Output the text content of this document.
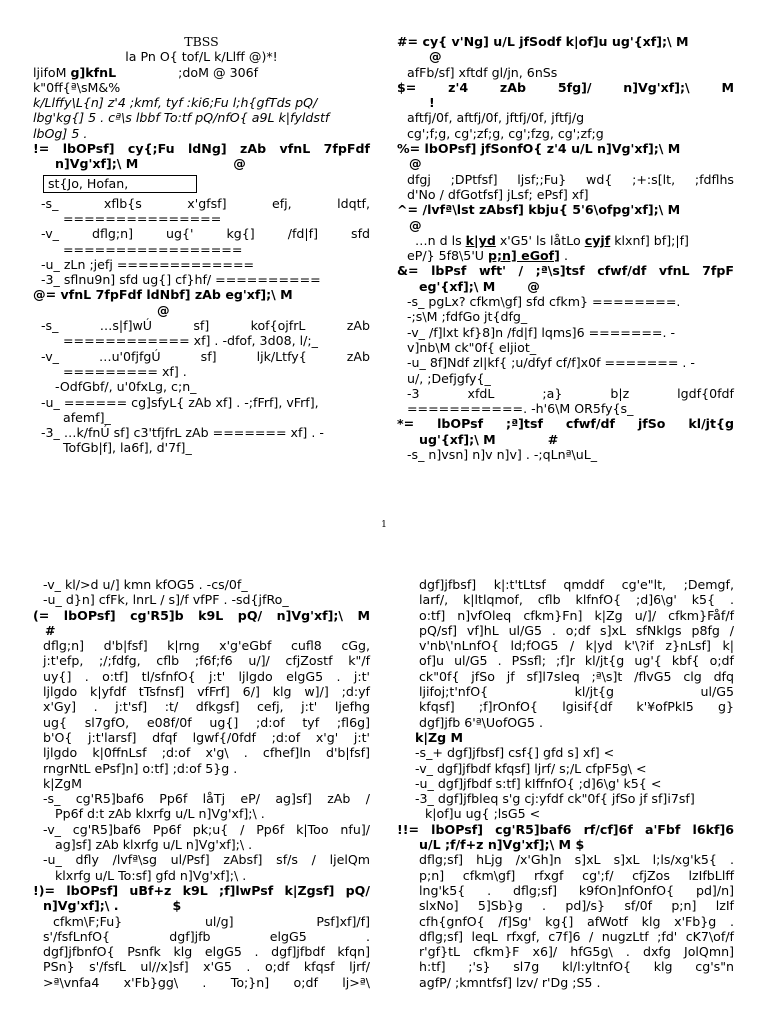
TBSS
la Pn O{ tof/L k/Llff @)*!
ljifoM g]kfnL	;doM @ 306f
k"0ff{ª\sM&%
k/Llffy\L{n] z'4 ;kmf, tyf :ki6;Fu l;h{gfTds pQ/
lbg'kg{] 5 . cª\s lbbf To:tf pQ/nfO{ a9L k|fyldstf
lbOg] 5 .
!= lbOPsf] cy{;Fu ldNg] zAb vfnL 7fpFdf
n]Vg'xf];\ M	@
st{Jo, Hofan,
-s_ xflb{s x'gfsf] efj, ldqtf,
===============
-v_ dflg;n] ug{' kg{] /fd|f] sfd
=================
-u_ zLn ;jefj =============
-3_ sflnu9n] sfd ug{] cf}hf/ ==========
@= vfnL 7fpFdf ldNbf] zAb eg'xf];\ M
@
-s_ …s|f]wÚ sf] kof{ojfrL zAb
============ xf] . -dfof, 3d08, l/;_
-v_ …u'0fjfgÚ sf] ljk/Ltfy{ zAb
========= xf] .
-OdfGbf/, u'0fxLg, c;n_
-u_ ====== cg]sfyL{ zAb xf] . -;fFrf], vFrf],
afemf]_
-3_ …k/fnÚ sf] c3'tfjfrL zAb ======= xf] . -
TofGb|f], la6f], d'7f]_
#= cy{ v'Ng] u/L jfSodf k|of]u ug'{xf];\ M
@
afFb/sf] xftdf gl/jn, 6nSs
$= z'4 zAb 5fg]/ n]Vg'xf];\ M
!
aftfj/0f, aftfj/0f, jftfj/0f, jftfj/g
cg';f;g, cg';zf;g, cg';fzg, cg';zf;g
%= lbOPsf] jfSonfO{ z'4 u/L n]Vg'xf];\ M
@
dfgj ;DPtfsf] ljsf;;Fu} wd{ ;+:s[lt, ;fdflhs
d'No / dfGotfsf] jLsf; ePsf] xf]
^= /lvfª\lst zAbsf] kbju{ 5'6\ofpg'xf];\ M
@
…n d ls k|yd x'G5' ls låtLo cyjf klxnf] bf];|f]
eP/} 5f8\5'U p;n] eGof] .
&= lbPsf wft' / ;ª\s]tsf cfwf/df vfnL 7fpF
eg'{xf];\ M	@
-s_ pgLx? cfkm\gf] sfd cfkm} ========.
-;s\M ;fdfGo jt{dfg_
-v_ /f]lxt kf}8]n /fd|f] lqms]6 =======. -
v]nb\M ck"0f{ eljiot_
-u_ 8f]Ndf zl|kf{ ;u/dfyf cf/f]x0f ======= . -
u/, ;Defjgfy{_
-3 xfdL ;a} b|z lgdf{0fdf
===========. -h'6\M OR5fy{s_
*= lbOPsf ;ª]tsf cfwf/df jfSo kl/jt{g
ug'{xf];\ M	#
-s_ n]vsn] n]v n]v] . -;qLnª\uL_
1
-v_ kl/>d u/] kmn kfOG5 . -cs/0f_
-u_ d}n] cfFk, lnrL / s]/f vfPF . -sd{jfRo_
(= lbOPsf] cg'R5]b k9L pQ/ n]Vg'xf];\ M
#
dflg;n] d'b|fsf] k|rng x'g'eGbf cufl8 cGg,
j:t'efp, ;/;fdfg, cflb ;f6f;f6 u/]/ cfjZostf k"/f
uy{] . o:tf] tl/sfnfO{ j:t' ljlgdo elgG5 . j:t'
ljlgdo k|yfdf tTsfnsf] vfFrf] 6/] klg w]/] ;d:yf
x'Gy] . j:t'sf] :t/ dfkgsf] cefj, j:t' ljefhg
ug{ sl7gfO, e08f/0f ug{] ;d:of tyf ;fl6g]
b'O{ j:t'larsf] dfqf lgwf{/0fdf ;d:of x'g' j:t'
ljlgdo k|0ffnLsf ;d:of x'g\ . cfhef]ln d'b|fsf]
rngrNtL ePsf]n] o:tf] ;d:of 5}g .
k|ZgM
-s_ cg'R5]baf6 Pp6f låTj eP/ ag]sf] zAb /
Pp6f d:t zAb klxrfg u/L n]Vg'xf];\ .
-v_ cg'R5]baf6 Pp6f pk;u{ / Pp6f k|Too nfu]/
ag]sf] zAb klxrfg u/L n]Vg'xf];\ .
-u_ dfly /lvfª\sg ul/Psf] zAbsf] sf/s / ljelQm
klxrfg u/L To:sf] gfd n]Vg'xf];\ .
!)= lbOPsf] uBf+z k9L ;f]lwPsf k|Zgsf] pQ/
n]Vg'xf];\ .	$
cfkm\F;Fu} ul/g] Psf]xf]/f]
s'/fsfLnfO{ dgf]jfb elgG5 .
dgf]jfbnfO{ Psnfk klg elgG5 . dgf]jfbdf kfqn]
PSn} s'/fsfL ul//x]sf] x'G5 . o;df kfqsf ljrf/
>ª\vnfa4 x'Fb}gg\ . To;}n] o;df lj>ª\
dgf]jfbsf] k|:t'tLtsf qmddf cg'e"lt, ;Demgf,
larf/, k|ltlqmof, cflb klfnfO{ ;d]6\g' k5{ .
o:tf] n]vfOleq cfkm}Fn] k|Zg u/]/ cfkm}Fåf/f
pQ/sf] vf]hL ul/G5 . o;df s]xL sfNklgs p8fg /
v'nb\'nLnfO{ ld;fOG5 / k|yd k'\?if z}nLsf] k|
of]u ul/G5 . PSsfl; ;f]r kl/jt{g ug'{ kbf{ o;df
ck"0f{ jfSo jf sf]l7sleq ;ª\s]t /flvG5 clg dfq
ljifoj;t'nfO{ kl/jt{g ul/G5
kfqsf] ;f]rOnfO{ lgisif{df k'¥ofPkl5 g}
dgf]jfb 6'ª\UofOG5 .
k|Zg M
-s_+ dgf]jfbsf] csf{] gfd s] xf] <
-v_ dgf]jfbdf kfqsf] ljrf/ s;/L cfpF5g\ <
-u_ dgf]jfbdf s:tf] kIffnfO{ ;d]6\g' k5{ <
-3_ dgf]jfbleq s'g cj:yfdf ck"0f{ jfSo jf sf]i7sf]
k|of]u ug{ ;lsG5 <
!!= lbOPsf] cg'R5]baf6 rf/cf]6f a'Fbf l6kf]6
u/L ;f/f+z n]Vg'xf];\ M $
dflg;sf] hLjg /x'Gh]n s]xL s]xL l;ls/xg'k5{ .
p;n] cfkm\gf] rfxgf cg';f/ cfjZos lzIfbLlff
lng'k5{ . dflg;sf] k9fOn]nfOnfO{ pd]/n]
slxNo] 5]Sb}g . pd]/s} sf/0f p;n] lzIf
cfh{gnfO{ /f]Sg' kg{] afWotf klg x'Fb}g .
dflg;sf] leqL rfxgf, c7f]6 / nugzLtf ;fd' cK7\of/f
r'gf}tL cfkm}F x6]/ hfG5g\ . dxfg JolQmn]
h:tf] ;'s} sl7g kl/l:yltnfO{ klg cg's"n
agfP/ ;kmntfsf] lzv/ r'Dg ;S5 .
